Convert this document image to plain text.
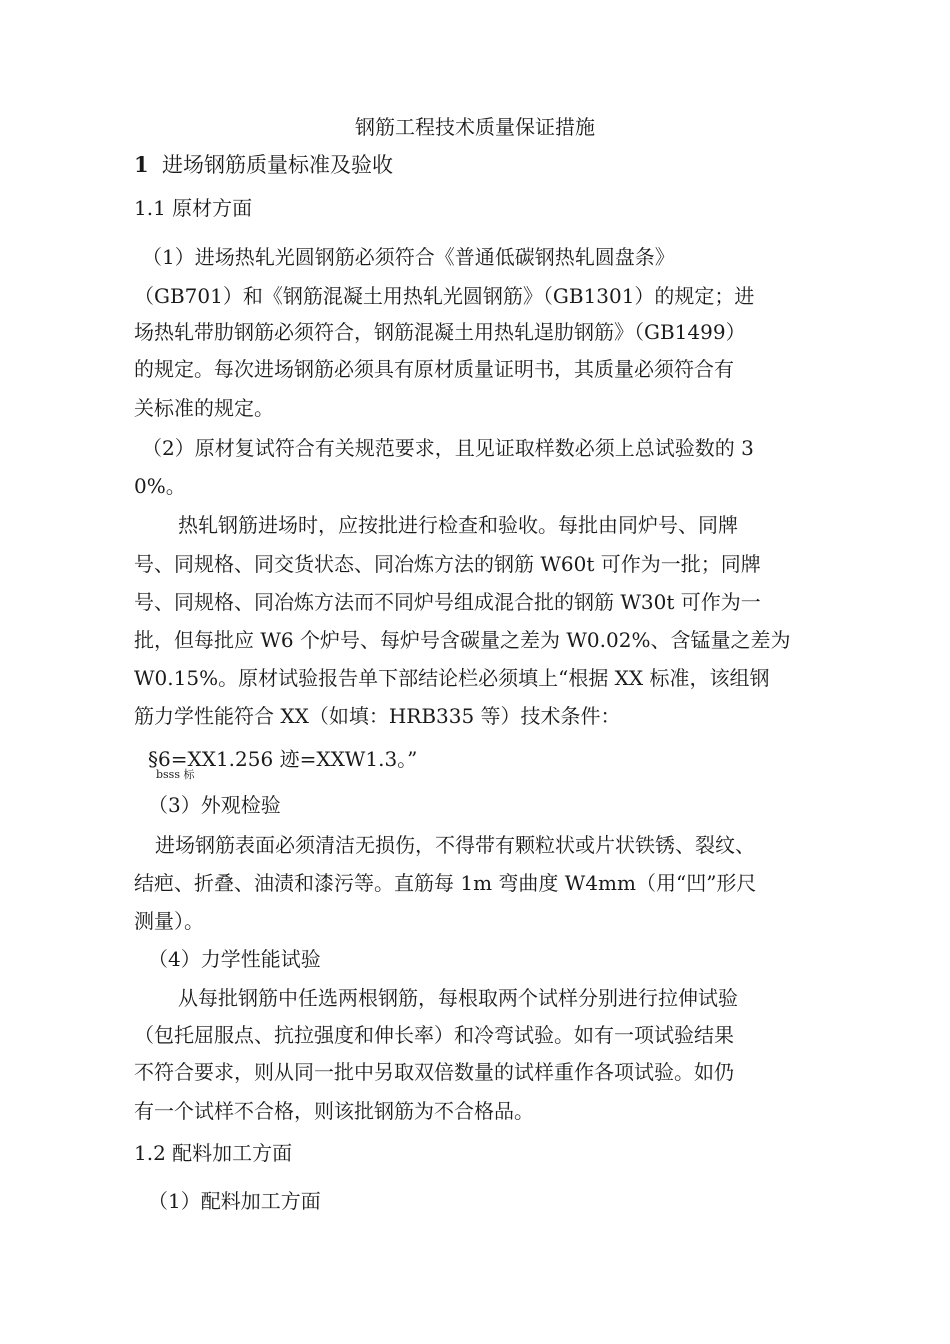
钢筋工程技术质量保证措施
1 进场钢筋质量标准及验收
1.1 原材方面
（1）进场热轧光圆钢筋必须符合《普通低碳钢热轧圆盘条》
（GB701）和《钢筋混凝土用热轧光圆钢筋》（GB1301）的规定；进
场热轧带肋钢筋必须符合，钢筋混凝土用热轧逞肋钢筋》（GB1499）
的规定。每次进场钢筋必须具有原材质量证明书，其质量必须符合有
关标准的规定。
（2）原材复试符合有关规范要求，且见证取样数必须上总试验数的 3
0%。
热轧钢筋进场时，应按批进行检查和验收。每批由同炉号、同牌
号、同规格、同交货状态、同冶炼方法的钢筋 W60t 可作为一批；同牌
号、同规格、同冶炼方法而不同炉号组成混合批的钢筋 W30t 可作为一
批，但每批应 W6 个炉号、每炉号含碳量之差为 W0.02%、含锰量之差为
W0.15%。原材试验报告单下部结论栏必须填上“根据 XX 标准，该组钢
筋力学性能符合 XX（如填：HRB335 等）技术条件：
§6=XX1.256 迹=XXW1.3。”
bsss 标
（3）外观检验
进场钢筋表面必须清洁无损伤，不得带有颗粒状或片状铁锈、裂纹、
结疤、折叠、油渍和漆污等。直筋每 1m 弯曲度 W4mm（用“凹”形尺
测量）。
（4）力学性能试验
从每批钢筋中任选两根钢筋，每根取两个试样分别进行拉伸试验
（包托屈服点、抗拉强度和伸长率）和冷弯试验。如有一项试验结果
不符合要求，则从同一批中另取双倍数量的试样重作各项试验。如仍
有一个试样不合格，则该批钢筋为不合格品。
1.2 配料加工方面
（1）配料加工方面
